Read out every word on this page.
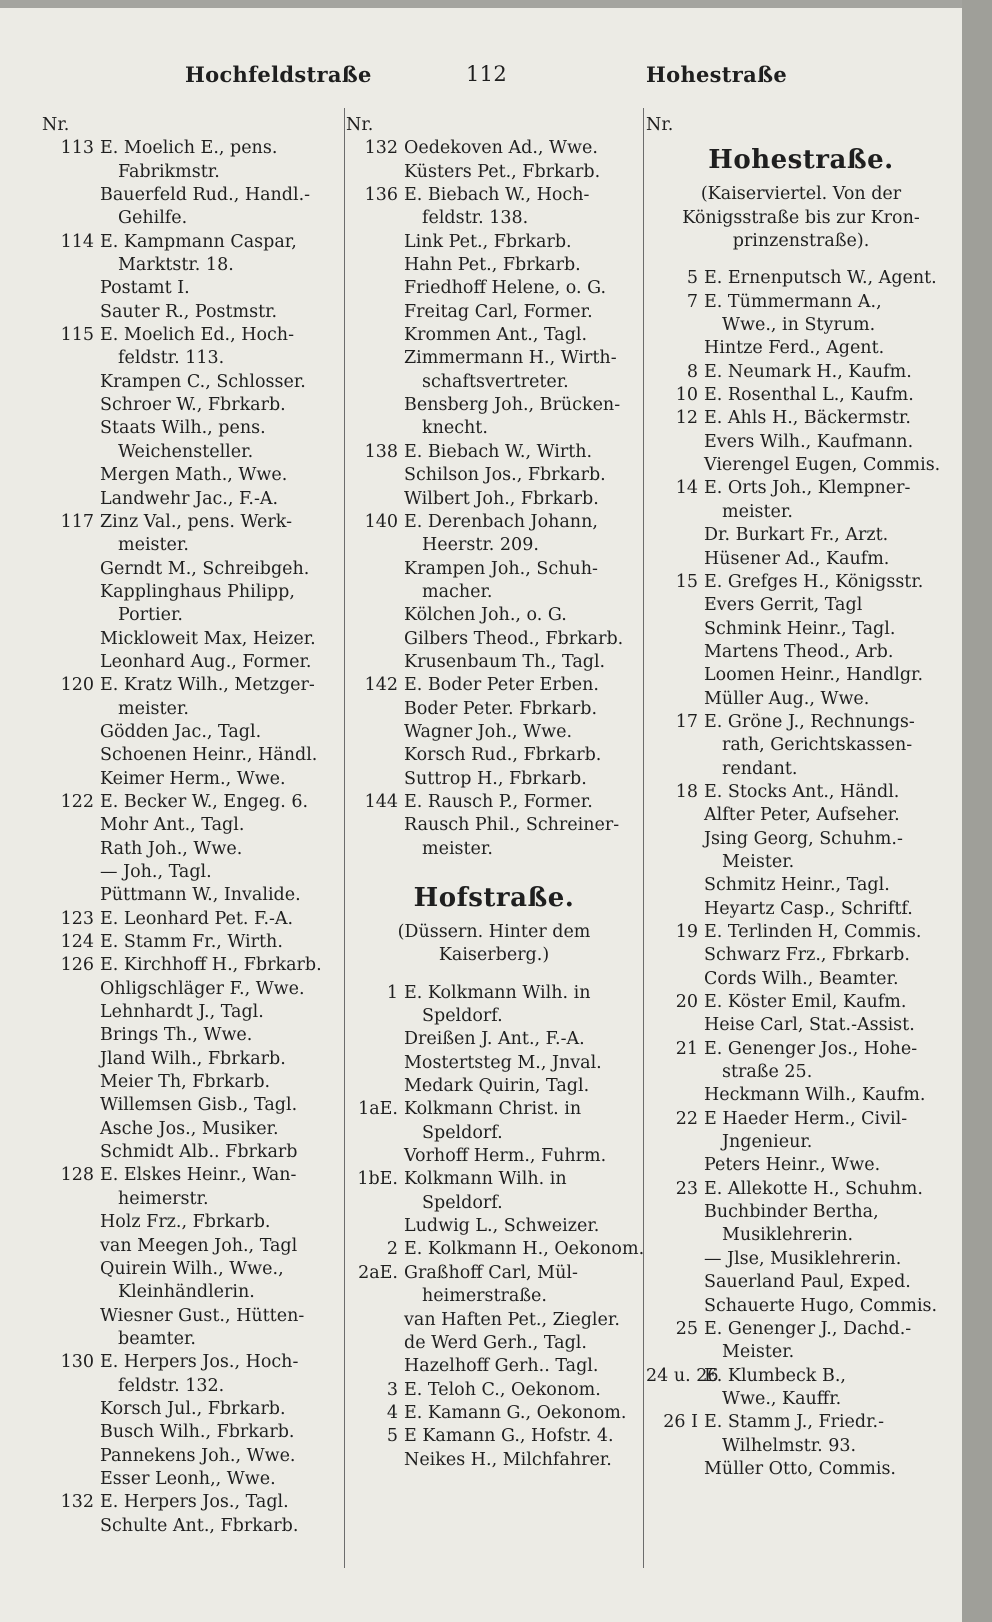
Hochfeldstraße	112	Hohestraße
Nr.
113 E. Moelich E., pens.
Fabrikmstr.
Bauerfeld Rud., Handl.-
Gehilfe.
114 E. Kampmann Caspar,
Marktstr. 18.
Postamt I.
Sauter R., Postmstr.
115 E. Moelich Ed., Hoch-
feldstr. 113.
Krampen C., Schlosser.
Schroer W., Fbrkarb.
Staats Wilh., pens.
Weichensteller.
Mergen Math., Wwe.
Landwehr Jac., F.-A.
117 Zinz Val., pens. Werk-
meister.
Gerndt M., Schreibgeh.
Kapplinghaus Philipp,
Portier.
Mickloweit Max, Heizer.
Leonhard Aug., Former.
120 E. Kratz Wilh., Metzger-
meister.
Gödden Jac., Tagl.
Schoenen Heinr., Händl.
Keimer Herm., Wwe.
122 E. Becker W., Engeg. 6.
Mohr Ant., Tagl.
Rath Joh., Wwe.
— Joh., Tagl.
Püttmann W., Invalide.
123 E. Leonhard Pet. F.-A.
124 E. Stamm Fr., Wirth.
126 E. Kirchhoff H., Fbrkarb.
Ohligschläger F., Wwe.
Lehnhardt J., Tagl.
Brings Th., Wwe.
Jland Wilh., Fbrkarb.
Meier Th, Fbrkarb.
Willemsen Gisb., Tagl.
Asche Jos., Musiker.
Schmidt Alb.. Fbrkarb
128 E. Elskes Heinr., Wan-
heimerstr.
Holz Frz., Fbrkarb.
van Meegen Joh., Tagl
Quirein Wilh., Wwe.,
Kleinhändlerin.
Wiesner Gust., Hütten-
beamter.
130 E. Herpers Jos., Hoch-
feldstr. 132.
Korsch Jul., Fbrkarb.
Busch Wilh., Fbrkarb.
Pannekens Joh., Wwe.
Esser Leonh,, Wwe.
132 E. Herpers Jos., Tagl.
Schulte Ant., Fbrkarb.
Nr.
132 Oedekoven Ad., Wwe.
Küsters Pet., Fbrkarb.
136 E. Biebach W., Hoch-
feldstr. 138.
Link Pet., Fbrkarb.
Hahn Pet., Fbrkarb.
Friedhoff Helene, o. G.
Freitag Carl, Former.
Krommen Ant., Tagl.
Zimmermann H., Wirth-
schaftsvertreter.
Bensberg Joh., Brücken-
knecht.
138 E. Biebach W., Wirth.
Schilson Jos., Fbrkarb.
Wilbert Joh., Fbrkarb.
140 E. Derenbach Johann,
Heerstr. 209.
Krampen Joh., Schuh-
macher.
Kölchen Joh., o. G.
Gilbers Theod., Fbrkarb.
Krusenbaum Th., Tagl.
142 E. Boder Peter Erben.
Boder Peter. Fbrkarb.
Wagner Joh., Wwe.
Korsch Rud., Fbrkarb.
Suttrop H., Fbrkarb.
144 E. Rausch P., Former.
Rausch Phil., Schreiner-
meister.
Hofstraße.
(Düssern. Hinter dem
Kaiserberg.)
1 E. Kolkmann Wilh. in
Speldorf.
Dreißen J. Ant., F.-A.
Mostertsteg M., Jnval.
Medark Quirin, Tagl.
1aE. Kolkmann Christ. in
Speldorf.
Vorhoff Herm., Fuhrm.
1bE. Kolkmann Wilh. in
Speldorf.
Ludwig L., Schweizer.
2 E. Kolkmann H., Oekonom.
2aE. Graßhoff Carl, Mül-
heimerstraße.
van Haften Pet., Ziegler.
de Werd Gerh., Tagl.
Hazelhoff Gerh.. Tagl.
3 E. Teloh C., Oekonom.
4 E. Kamann G., Oekonom.
5 E Kamann G., Hofstr. 4.
Neikes H., Milchfahrer.
Nr.
Hohestraße.
(Kaiserviertel. Von der
Königsstraße bis zur Kron-
prinzenstraße).
5 E. Ernenputsch W., Agent.
7 E. Tümmermann A.,
Wwe., in Styrum.
Hintze Ferd., Agent.
8 E. Neumark H., Kaufm.
10 E. Rosenthal L., Kaufm.
12 E. Ahls H., Bäckermstr.
Evers Wilh., Kaufmann.
Vierengel Eugen, Commis.
14 E. Orts Joh., Klempner-
meister.
Dr. Burkart Fr., Arzt.
Hüsener Ad., Kaufm.
15 E. Grefges H., Königsstr.
Evers Gerrit, Tagl
Schmink Heinr., Tagl.
Martens Theod., Arb.
Loomen Heinr., Handlgr.
Müller Aug., Wwe.
17 E. Gröne J., Rechnungs-
rath, Gerichtskassen-
rendant.
18 E. Stocks Ant., Händl.
Alfter Peter, Aufseher.
Jsing Georg, Schuhm.-
Meister.
Schmitz Heinr., Tagl.
Heyartz Casp., Schriftf.
19 E. Terlinden H, Commis.
Schwarz Frz., Fbrkarb.
Cords Wilh., Beamter.
20 E. Köster Emil, Kaufm.
Heise Carl, Stat.-Assist.
21 E. Genenger Jos., Hohe-
straße 25.
Heckmann Wilh., Kaufm.
22 E Haeder Herm., Civil-
Jngenieur.
Peters Heinr., Wwe.
23 E. Allekotte H., Schuhm.
Buchbinder Bertha,
Musiklehrerin.
— Jlse, Musiklehrerin.
Sauerland Paul, Exped.
Schauerte Hugo, Commis.
25 E. Genenger J., Dachd.-
Meister.
24 u. 26E. Klumbeck B.,
Wwe., Kauffr.
26 I E. Stamm J., Friedr.-
Wilhelmstr. 93.
Müller Otto, Commis.
